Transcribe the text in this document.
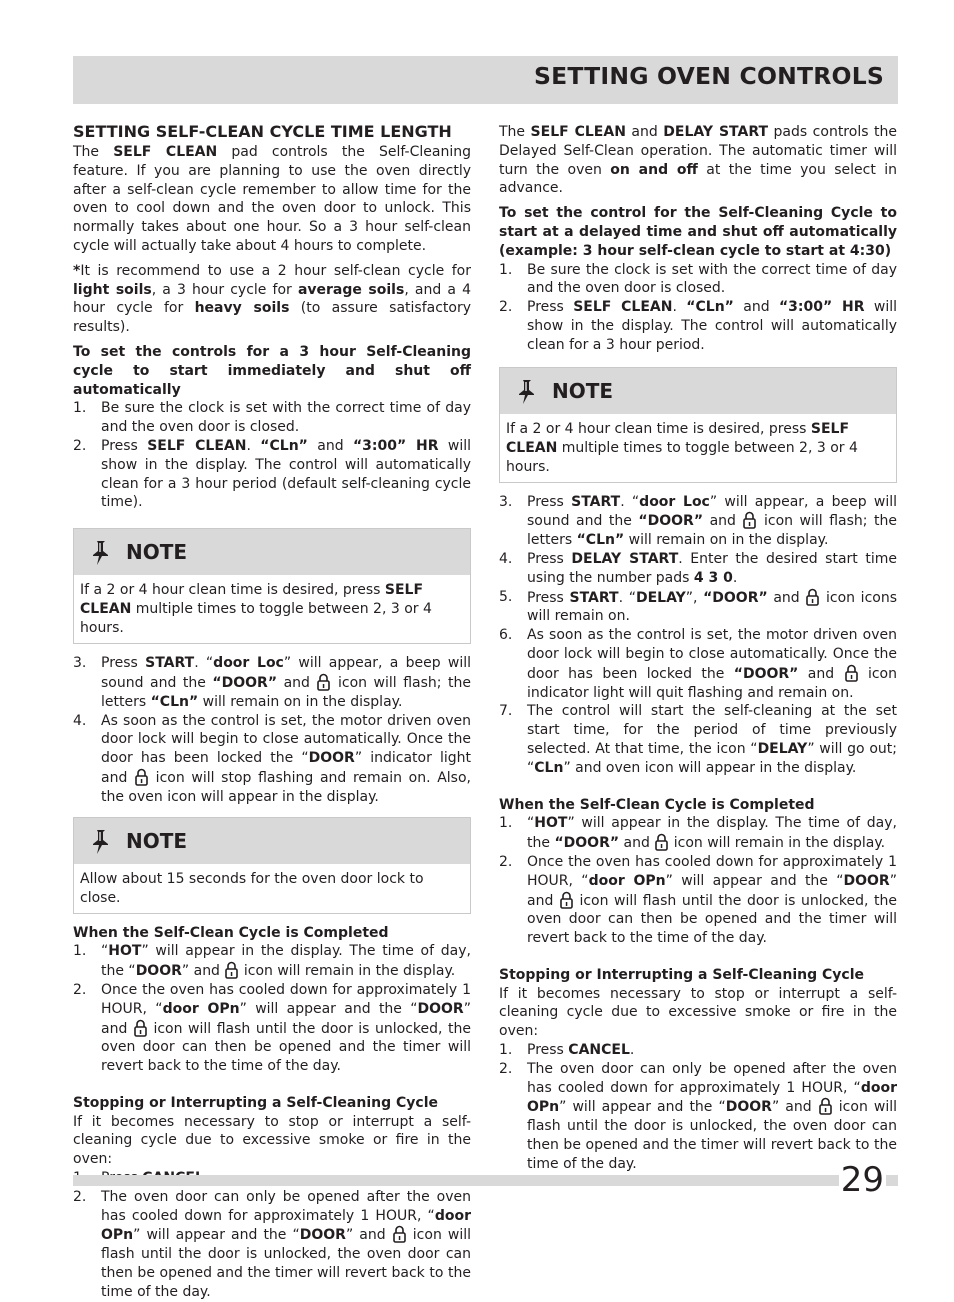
SETTING OVEN CONTROLS
SETTING SELF-CLEAN CYCLE TIME LENGTH

The SELF CLEAN pad controls the Self-Cleaning feature. If you are planning to use the oven directly after a self-clean cycle remember to allow time for the oven to cool down and the oven door to unlock. This normally takes about one hour. So a 3 hour self-clean cycle will actually take about 4 hours to complete.

*It is recommend to use a 2 hour self-clean cycle for light soils, a 3 hour cycle for average soils, and a 4 hour cycle for heavy soils (to assure satisfactory results).

To set the controls for a 3 hour Self-Cleaning cycle to start immediately and shut off automatically

1. Be sure the clock is set with the correct time of day and the oven door is closed.
2. Press SELF CLEAN. “CLn” and “3:00” HR will show in the display. The control will automatically clean for a 3 hour period (default self-cleaning cycle time).
NOTE
If a 2 or 4 hour clean time is desired, press SELF CLEAN multiple times to toggle between 2, 3 or 4 hours.
3. Press START. “door Loc” will appear, a beep will sound and the “DOOR” and
icon will flash; the letters “CLn” will remain on in the display.
4. As soon as the control is set, the motor driven oven door lock will begin to close automatically. Once the door has been locked the “DOOR” indicator light and
icon will stop flashing and remain on. Also, the oven icon will appear in the display.
NOTE
Allow about 15 seconds for the oven door lock to close.
When the Self-Clean Cycle is Completed
1. “HOT” will appear in the display. The time of day, the “DOOR” and
icon will remain in the display.
2. Once the oven has cooled down for approximately 1 HOUR, “door OPn” will appear and the “DOOR” and
icon will flash until the door is unlocked, the oven door can then be opened and the timer will revert back to the time of the day.
Stopping or Interrupting a Self-Cleaning Cycle

If it becomes necessary to stop or interrupt a self-cleaning cycle due to excessive smoke or fire in the oven:

2. The oven door can only be opened after the oven has cooled down for approximately 1 HOUR, “door OPn” will appear and the “DOOR” and
icon will flash until the door is unlocked, the oven door can then be opened and the timer will revert back to the time of the day.

The SELF CLEAN and DELAY START pads controls the Delayed Self-Clean operation. The automatic timer will turn the oven on and off at the time you select in advance.

To set the control for the Self-Cleaning Cycle to start at a delayed time and shut off automatically (example: 3 hour self-clean cycle to start at 4:30)

1. Be sure the clock is set with the correct time of day and the oven door is closed.
2. Press SELF CLEAN. “CLn” and “3:00” HR will show in the display. The control will automatically clean for a 3 hour period.
NOTE
If a 2 or 4 hour clean time is desired, press SELF CLEAN multiple times to toggle between 2, 3 or 4 hours.
3. Press START. “door Loc” will appear, a beep will sound and the “DOOR” and
icon will flash; the letters “CLn” will remain on in the display.
4. Press DELAY START. Enter the desired start time using the number pads 4 3 0.
5. Press START. “DELAY”, “DOOR” and
icon icons will remain on.
6. As soon as the control is set, the motor driven oven door lock will begin to close automatically. Once the door has been locked the “DOOR” and
icon indicator light will quit flashing and remain on.
7. The control will start the self-cleaning at the set start time, for the period of time previously selected. At that time, the icon “DELAY” will go out; “CLn” and oven icon will appear in the display.
When the Self-Clean Cycle is Completed
1. “HOT” will appear in the display. The time of day, the “DOOR” and
icon will remain in the display.
2. Once the oven has cooled down for approximately 1 HOUR, “door OPn” will appear and the “DOOR” and
icon will flash until the door is unlocked, the oven door can then be opened and the timer will revert back to the time of the day.
Stopping or Interrupting a Self-Cleaning Cycle

If it becomes necessary to stop or interrupt a self-cleaning cycle due to excessive smoke or fire in the oven:

1. Press CANCEL.
2. The oven door can only be opened after the oven has cooled down for approximately 1 HOUR, “door OPn” will appear and the “DOOR” and
icon will flash until the door is unlocked, the oven door can then be opened and the timer will revert back to the time of the day.	29
